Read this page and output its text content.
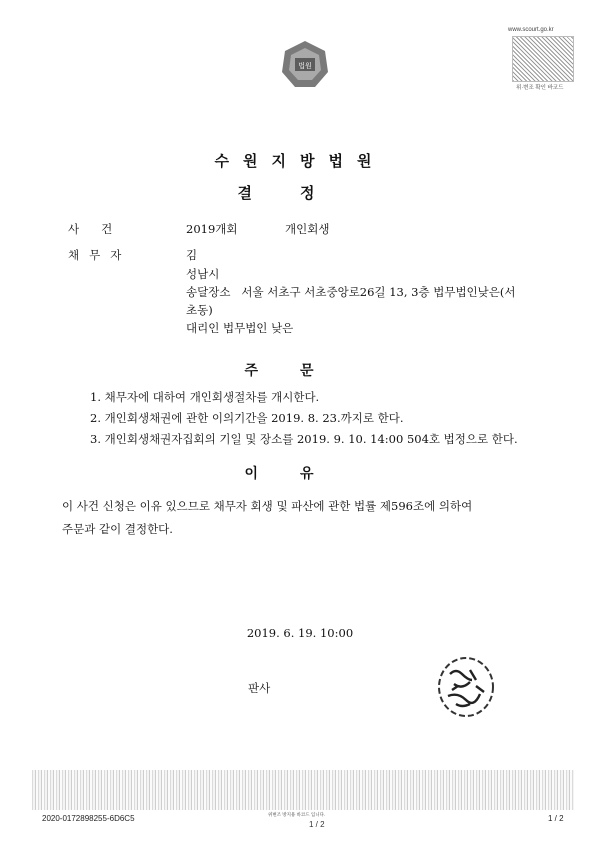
법원
www.scourt.go.kr
위·변조 확인 바코드
수원지방법원
결정
사건	2019개회	개인회생
채무자	김
성남시
송달장소   서울 서초구 서초중앙로26길 13, 3층 법무법인낮은(서
초동)
대리인 법무법인 낮은
주문
1. 채무자에 대하여 개인회생절차를 개시한다.
2. 개인회생채권에 관한 이의기간을 2019. 8. 23.까지로 한다.
3. 개인회생채권자집회의 기일 및 장소를 2019. 9. 10. 14:00 504호 법정으로 한다.
이유
이 사건 신청은 이유 있으므로 채무자 회생 및 파산에 관한 법률 제596조에 의하여
주문과 같이 결정한다.
2019. 6. 19. 10:00
판사
2020-0172898255-6D6C5	위변조 방지용 바코드 입니다.
1 / 2
1 / 2
